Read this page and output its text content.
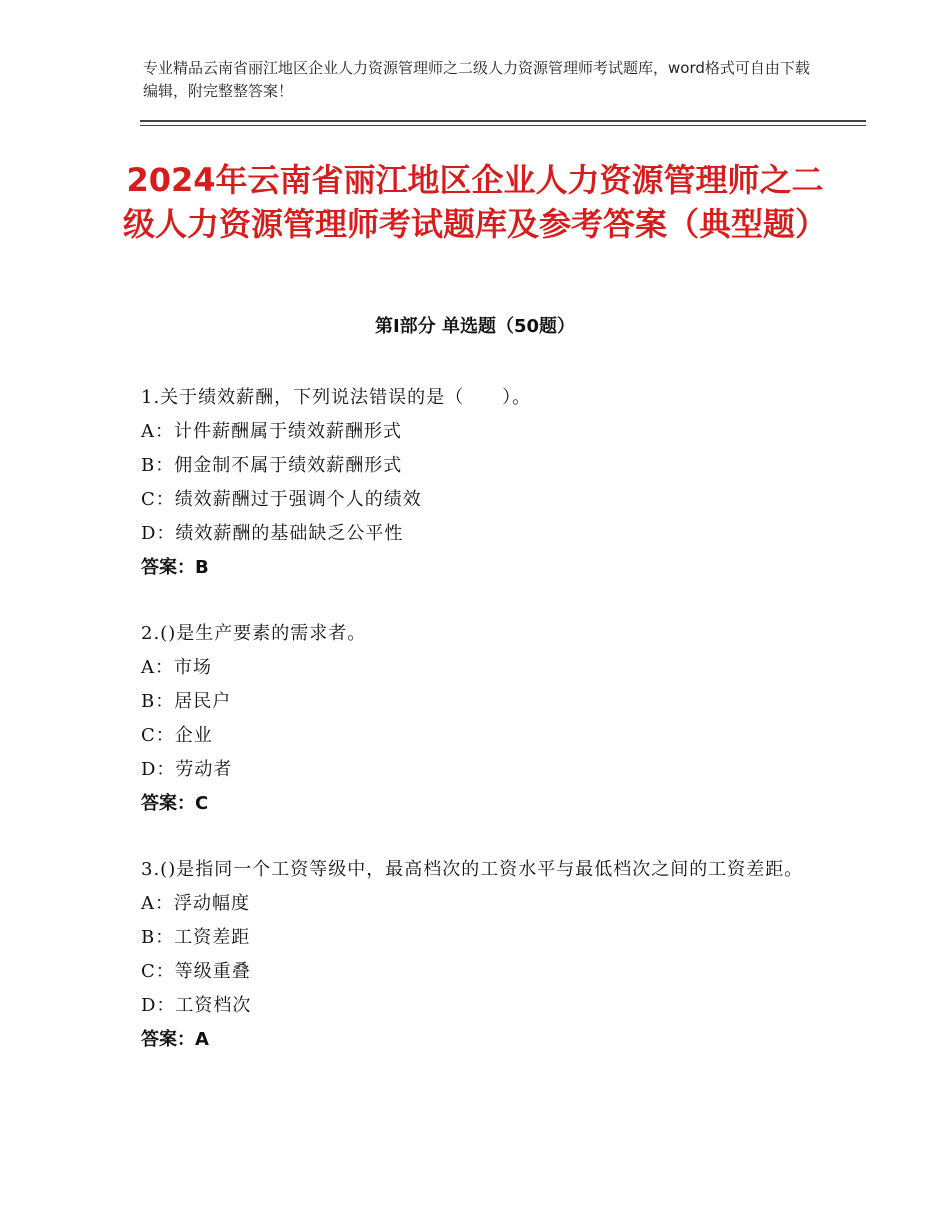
专业精品云南省丽江地区企业人力资源管理师之二级人力资源管理师考试题库，word格式可自由下载编辑，附完整整答案！
2024年云南省丽江地区企业人力资源管理师之二级人力资源管理师考试题库及参考答案（典型题）
第Ⅰ部分 单选题（50题）
1.关于绩效薪酬，下列说法错误的是（　　）。
A：计件薪酬属于绩效薪酬形式
B：佣金制不属于绩效薪酬形式
C：绩效薪酬过于强调个人的绩效
D：绩效薪酬的基础缺乏公平性
答案：B
2.()是生产要素的需求者。
A：市场
B：居民户
C：企业
D：劳动者
答案：C
3.()是指同一个工资等级中，最高档次的工资水平与最低档次之间的工资差距。
A：浮动幅度
B：工资差距
C：等级重叠
D：工资档次
答案：A
